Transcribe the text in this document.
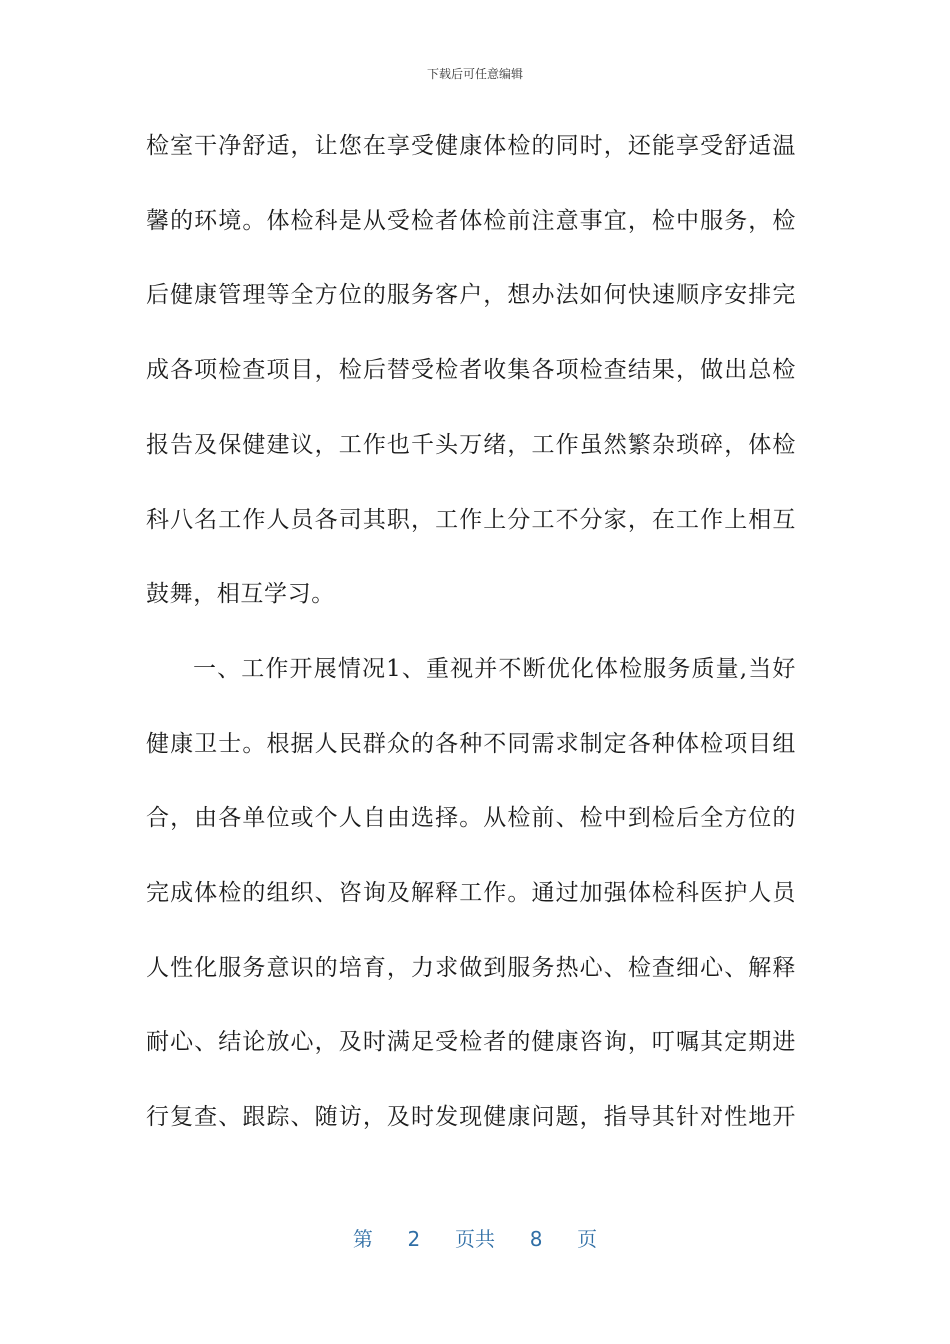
下载后可任意编辑
检室干净舒适，让您在享受健康体检的同时，还能享受舒适温
馨的环境。体检科是从受检者体检前注意事宜，检中服务，检
后健康管理等全方位的服务客户，想办法如何快速顺序安排完
成各项检查项目，检后替受检者收集各项检查结果，做出总检
报告及保健建议，工作也千头万绪，工作虽然繁杂琐碎，体检
科八名工作人员各司其职，工作上分工不分家，在工作上相互
鼓舞，相互学习。
一、工作开展情况1、重视并不断优化体检服务质量,当好
健康卫士。根据人民群众的各种不同需求制定各种体检项目组
合，由各单位或个人自由选择。从检前、检中到检后全方位的
完成体检的组织、咨询及解释工作。通过加强体检科医护人员
人性化服务意识的培育，力求做到服务热心、检查细心、解释
耐心、结论放心，及时满足受检者的健康咨询，叮嘱其定期进
行复查、跟踪、随访，及时发现健康问题，指导其针对性地开
第 2 页共 8 页
